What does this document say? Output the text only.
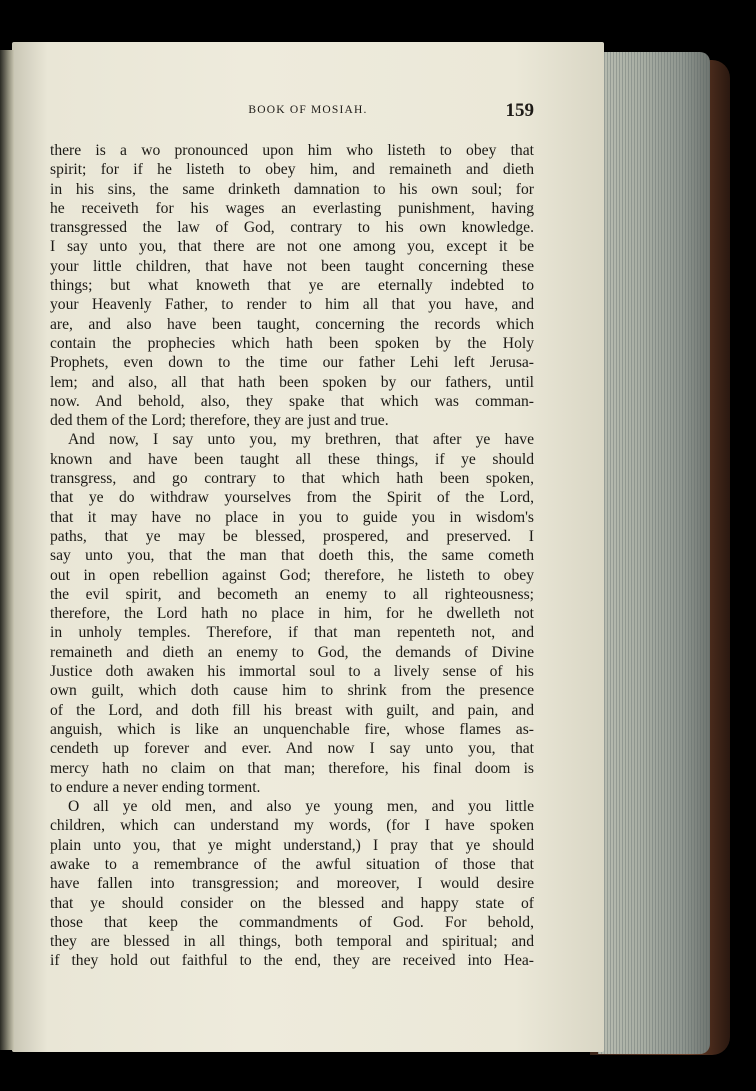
BOOK OF MOSIAH.	159
there is a wo pronounced upon him who listeth to obey that
spirit; for if he listeth to obey him, and remaineth and dieth
in his sins, the same drinketh damnation to his own soul; for
he receiveth for his wages an everlasting punishment, having
transgressed the law of God, contrary to his own knowledge.
I say unto you, that there are not one among you, except it be
your little children, that have not been taught concerning these
things; but what knoweth that ye are eternally indebted to
your Heavenly Father, to render to him all that you have, and
are, and also have been taught, concerning the records which
contain the prophecies which hath been spoken by the Holy
Prophets, even down to the time our father Lehi left Jerusa-
lem; and also, all that hath been spoken by our fathers, until
now. And behold, also, they spake that which was comman-
ded them of the Lord; therefore, they are just and true.
And now, I say unto you, my brethren, that after ye have
known and have been taught all these things, if ye should
transgress, and go contrary to that which hath been spoken,
that ye do withdraw yourselves from the Spirit of the Lord,
that it may have no place in you to guide you in wisdom's
paths, that ye may be blessed, prospered, and preserved. I
say unto you, that the man that doeth this, the same cometh
out in open rebellion against God; therefore, he listeth to obey
the evil spirit, and becometh an enemy to all righteousness;
therefore, the Lord hath no place in him, for he dwelleth not
in unholy temples. Therefore, if that man repenteth not, and
remaineth and dieth an enemy to God, the demands of Divine
Justice doth awaken his immortal soul to a lively sense of his
own guilt, which doth cause him to shrink from the presence
of the Lord, and doth fill his breast with guilt, and pain, and
anguish, which is like an unquenchable fire, whose flames as-
cendeth up forever and ever. And now I say unto you, that
mercy hath no claim on that man; therefore, his final doom is
to endure a never ending torment.
O all ye old men, and also ye young men, and you little
children, which can understand my words, (for I have spoken
plain unto you, that ye might understand,) I pray that ye should
awake to a remembrance of the awful situation of those that
have fallen into transgression; and moreover, I would desire
that ye should consider on the blessed and happy state of
those that keep the commandments of God. For behold,
they are blessed in all things, both temporal and spiritual; and
if they hold out faithful to the end, they are received into Hea-
